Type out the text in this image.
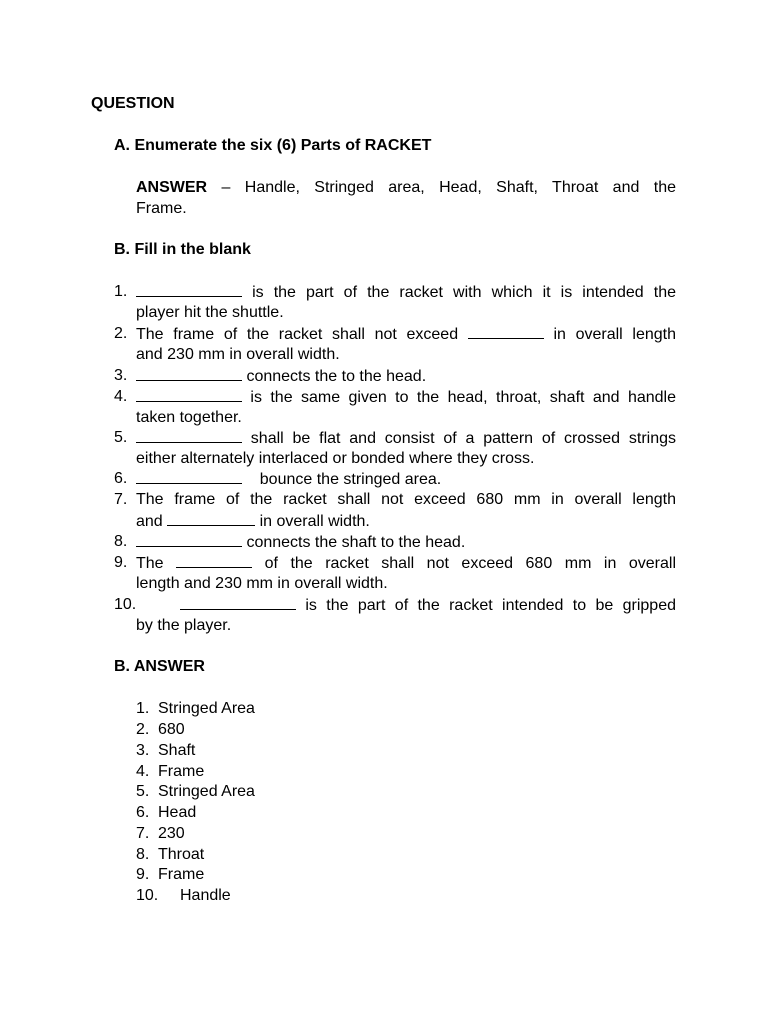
QUESTION
A. Enumerate the six (6) Parts of RACKET
ANSWER – Handle, Stringed area, Head, Shaft, Throat and the
Frame.
B. Fill in the blank
1.	is the part of the racket with which it is intended the
player hit the shuttle.
2. The frame of the racket shall not exceed	in overall length
and 230 mm in overall width.
3.	connects the to the head.
4.	is the same given to the head, throat, shaft and handle
taken together.
5.	shall be flat and consist of a pattern of crossed strings
either alternately interlaced or bonded where they cross.
6.	bounce the stringed area.
7. The frame of the racket shall not exceed 680 mm in overall length
and	in overall width.
8.	connects the shaft to the head.
9. The	of the racket shall not exceed 680 mm in overall
length and 230 mm in overall width.
10.	is the part of the racket intended to be gripped
by the player.
B. ANSWER
1. Stringed Area
2. 680
3. Shaft
4. Frame
5. Stringed Area
6. Head
7. 230
8. Throat
9. Frame
10. Handle
